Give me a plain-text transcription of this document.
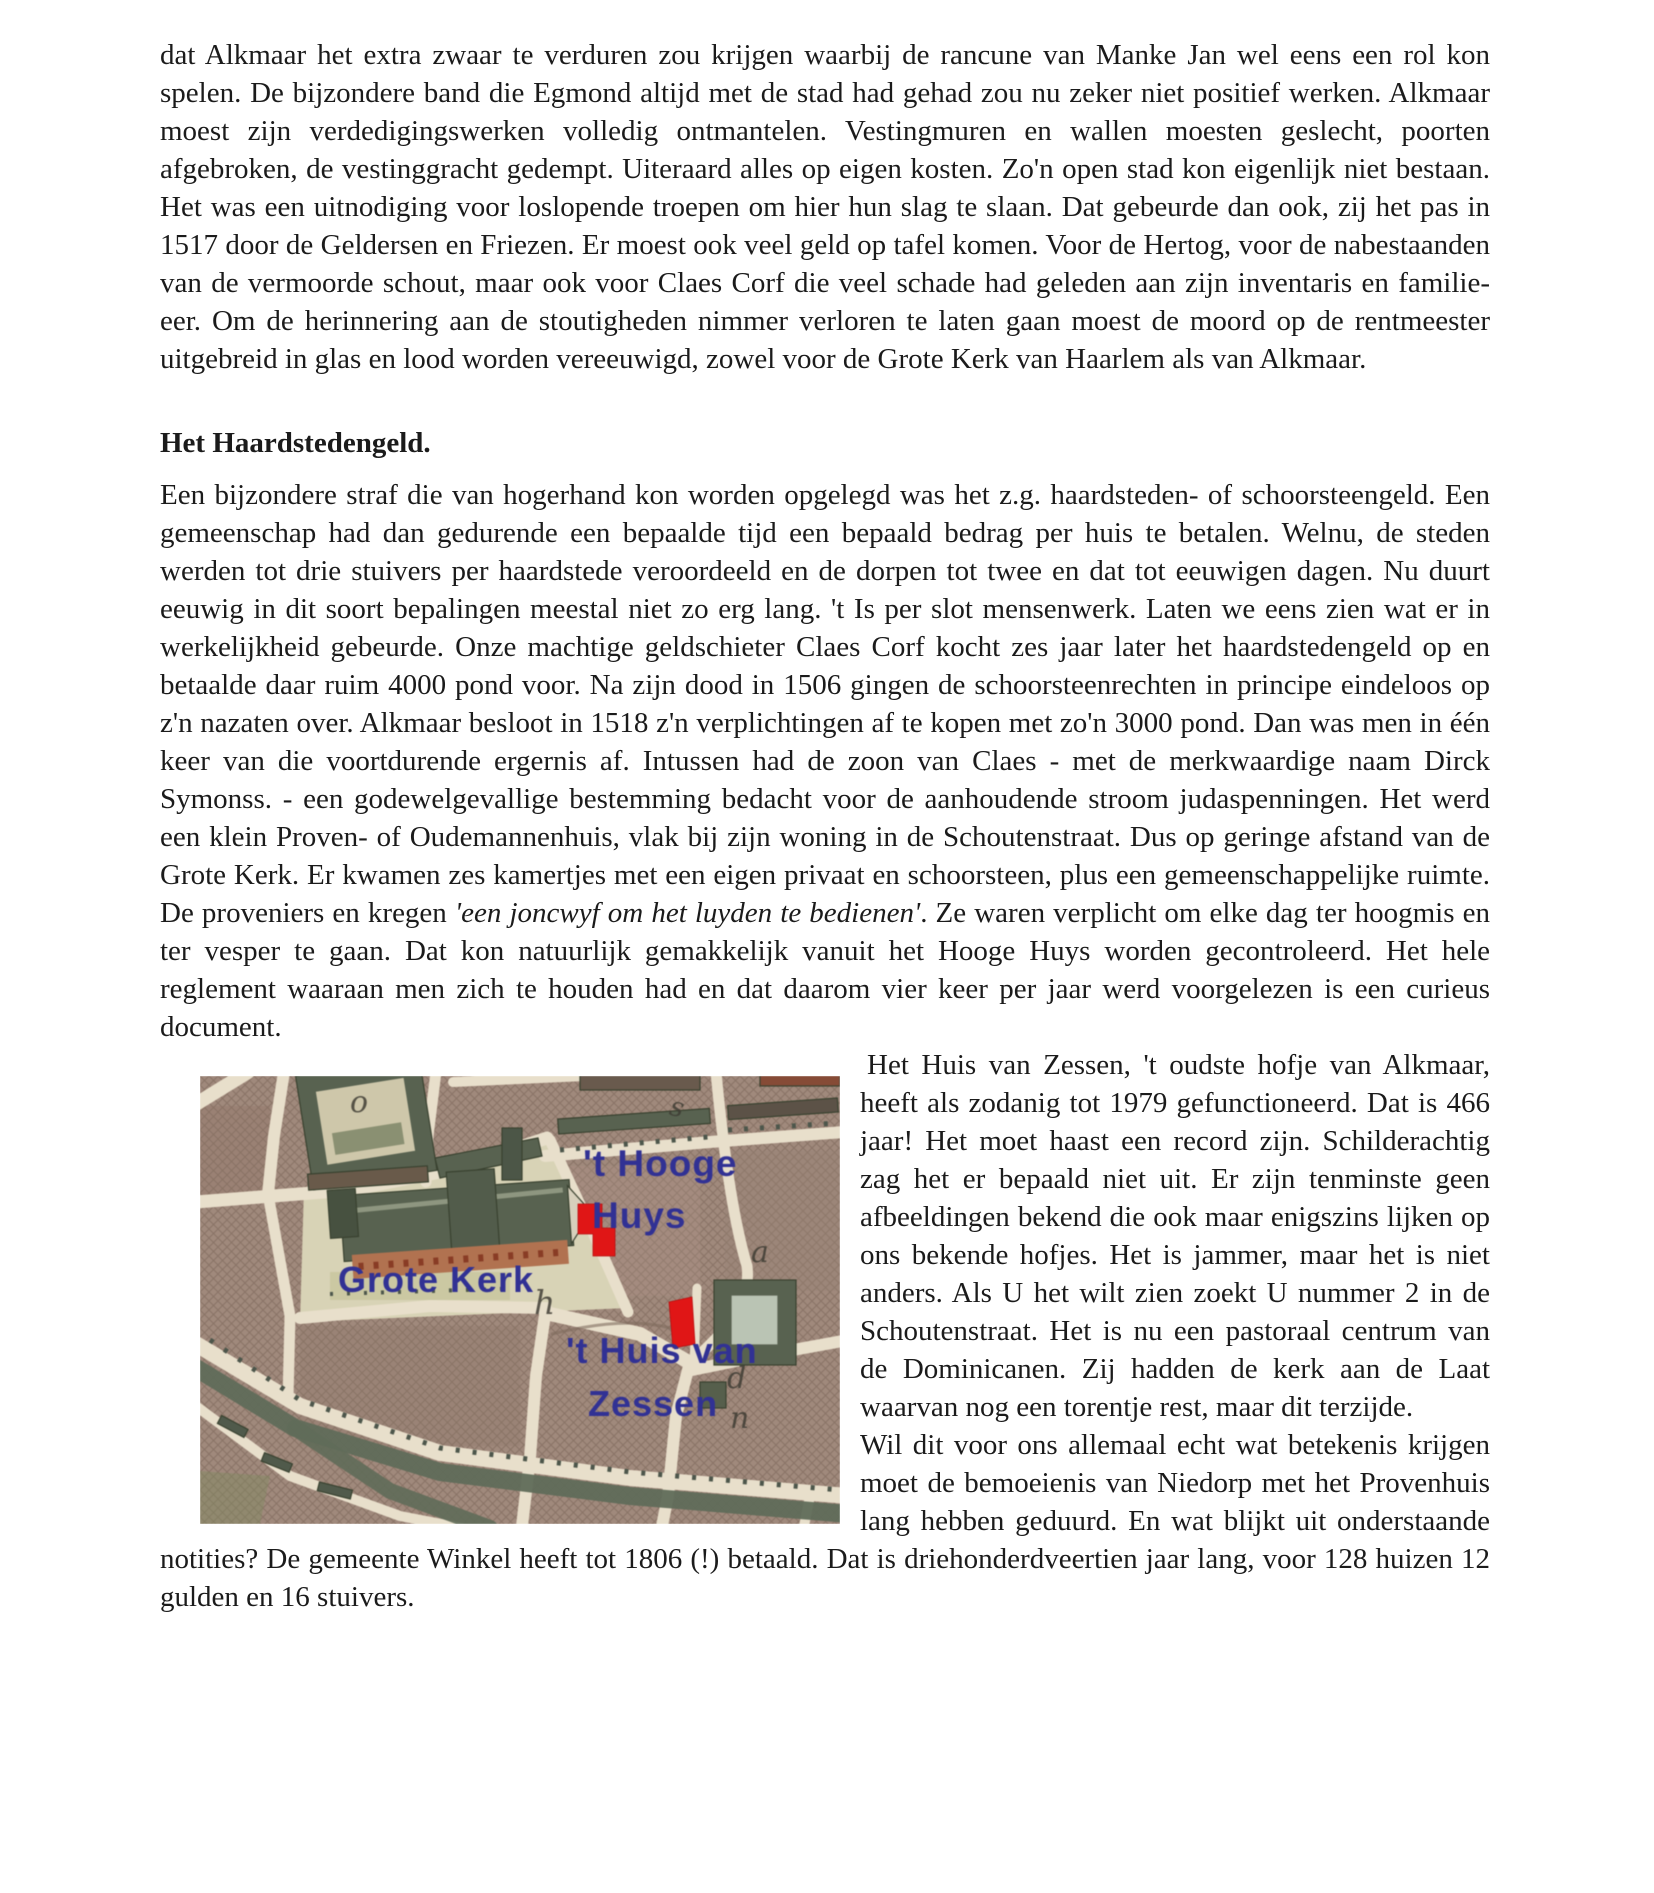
dat Alkmaar het extra zwaar te verduren zou krijgen waarbij de rancune van Manke Jan wel eens een rol kon spelen. De bijzondere band die Egmond altijd met de stad had gehad zou nu zeker niet positief werken. Alkmaar moest zijn verdedigingswerken volledig ontmantelen. Vestingmuren en wallen moesten geslecht, poorten afgebroken, de vestinggracht gedempt. Uiteraard alles op eigen kosten. Zo'n open stad kon eigenlijk niet bestaan. Het was een uitnodiging voor loslopende troepen om hier hun slag te slaan. Dat gebeurde dan ook, zij het pas in 1517 door de Geldersen en Friezen. Er moest ook veel geld op tafel komen. Voor de Hertog, voor de nabestaanden van de vermoorde schout, maar ook voor Claes Corf die veel schade had geleden aan zijn inventaris en familie-eer. Om de herinnering aan de stoutigheden nimmer verloren te laten gaan moest de moord op de rentmeester uitgebreid in glas en lood worden vereeuwigd, zowel voor de Grote Kerk van Haarlem als van Alkmaar.

Het Haardstedengeld.

Een bijzondere straf die van hogerhand kon worden opgelegd was het z.g. haardsteden- of schoorsteengeld. Een gemeenschap had dan gedurende een bepaalde tijd een bepaald bedrag per huis te betalen. Welnu, de steden werden tot drie stuivers per haardstede veroordeeld en de dorpen tot twee en dat tot eeuwigen dagen. Nu duurt eeuwig in dit soort bepalingen meestal niet zo erg lang. 't Is per slot mensenwerk. Laten we eens zien wat er in werkelijkheid gebeurde. Onze machtige geldschieter Claes Corf kocht zes jaar later het haardstedengeld op en betaalde daar ruim 4000 pond voor. Na zijn dood in 1506 gingen de schoorsteenrechten in principe eindeloos op z'n nazaten over. Alkmaar besloot in 1518 z'n verplichtingen af te kopen met zo'n 3000 pond. Dan was men in één keer van die voortdurende ergernis af. Intussen had de zoon van Claes - met de merkwaardige naam Dirck Symonss. - een godewelgevallige bestemming bedacht voor de aanhoudende stroom judaspenningen. Het werd een klein Proven- of Oudemannenhuis, vlak bij zijn woning in de Schoutenstraat. Dus op geringe afstand van de Grote Kerk. Er kwamen zes kamertjes met een eigen privaat en schoorsteen, plus een gemeenschappelijke ruimte. De proveniers en kregen 'een joncwyf om het luyden te bedienen'. Ze waren verplicht om elke dag ter hoogmis en ter vesper te gaan. Dat kon natuurlijk gemakkelijk vanuit het Hooge Huys worden gecontroleerd. Het hele reglement waaraan men zich te houden had en dat daarom vier keer per jaar werd voorgelezen is een curieus document.

o	s
a
h
d
n
't Hooge
Huys
Grote Kerk
't Huis van
Zessen

Het Huis van Zessen, 't oudste hofje van Alkmaar, heeft als zodanig tot 1979 gefunctioneerd. Dat is 466 jaar! Het moet haast een record zijn. Schilderachtig zag het er bepaald niet uit. Er zijn tenminste geen afbeeldingen bekend die ook maar enigszins lijken op ons bekende hofjes. Het is jammer, maar het is niet anders. Als U het wilt zien zoekt U nummer 2 in de Schoutenstraat. Het is nu een pastoraal centrum van de Dominicanen. Zij hadden de kerk aan de Laat waarvan nog een torentje rest, maar dit terzijde.

Wil dit voor ons allemaal echt wat betekenis krijgen moet de bemoeienis van Niedorp met het Provenhuis lang hebben geduurd. En wat blijkt uit onderstaande notities? De gemeente Winkel heeft tot 1806 (!) betaald. Dat is driehonderdveertien jaar lang, voor 128 huizen 12 gulden en 16 stuivers.
